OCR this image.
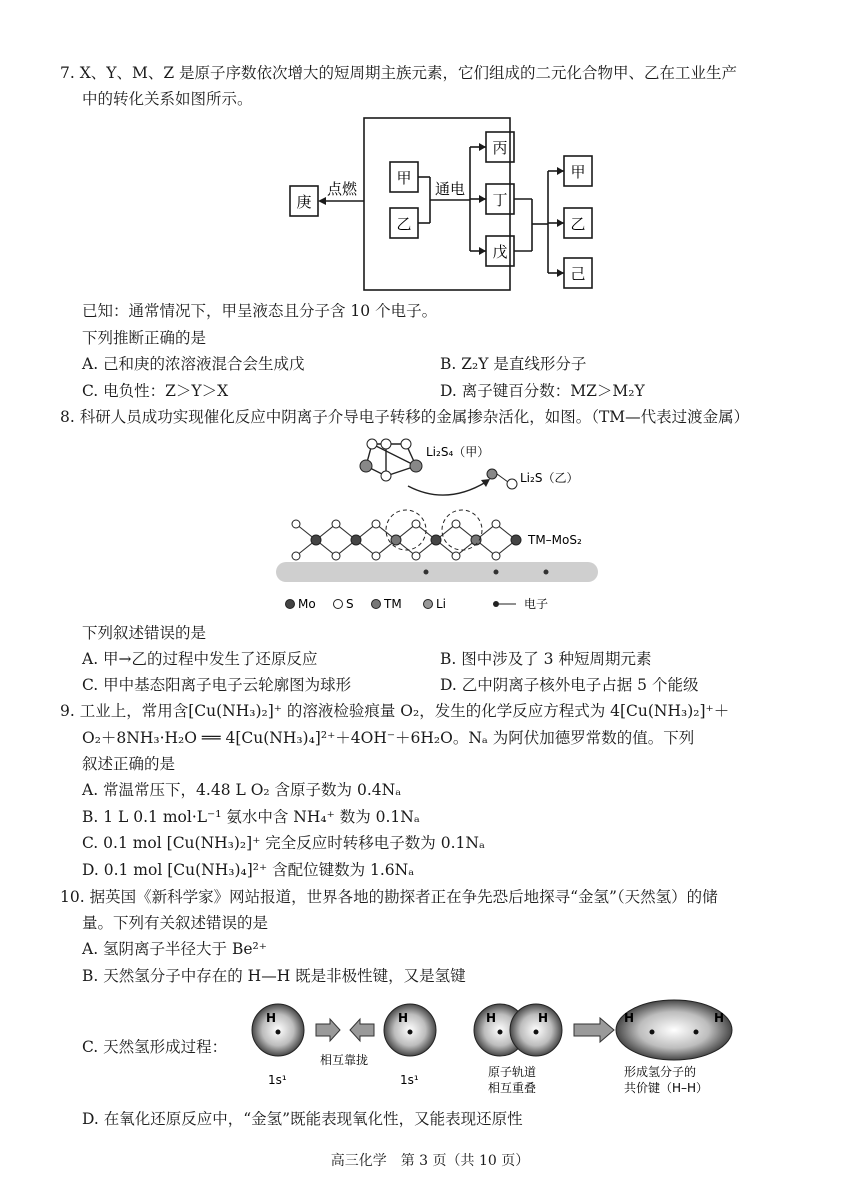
7. X、Y、M、Z 是原子序数依次增大的短周期主族元素，它们组成的二元化合物甲、乙在工业生产
中的转化关系如图所示。
庚
点燃
甲
乙
通电
丙
丁
戊
甲
乙
己
已知：通常情况下，甲呈液态且分子含 10 个电子。
下列推断正确的是
A. 己和庚的浓溶液混合会生成戊	B. Z₂Y 是直线形分子
C. 电负性：Z＞Y＞X	D. 离子键百分数：MZ＞M₂Y
8. 科研人员成功实现催化反应中阴离子介导电子转移的金属掺杂活化，如图。（TM—代表过渡金属）
Li₂S₄（甲）
Li₂S（乙）
TM–MoS₂
Mo	S	TM	Li	电子
下列叙述错误的是
A. 甲→乙的过程中发生了还原反应	B. 图中涉及了 3 种短周期元素
C. 甲中基态阳离子电子云轮廓图为球形	D. 乙中阴离子核外电子占据 5 个能级
9. 工业上，常用含[Cu(NH₃)₂]⁺ 的溶液检验痕量 O₂，发生的化学反应方程式为 4[Cu(NH₃)₂]⁺＋
O₂＋8NH₃·H₂O ══ 4[Cu(NH₃)₄]²⁺＋4OH⁻＋6H₂O。Nₐ 为阿伏加德罗常数的值。下列
叙述正确的是
A. 常温常压下，4.48 L O₂ 含原子数为 0.4Nₐ
B. 1 L 0.1 mol·L⁻¹ 氨水中含 NH₄⁺ 数为 0.1Nₐ
C. 0.1 mol [Cu(NH₃)₂]⁺ 完全反应时转移电子数为 0.1Nₐ
D. 0.1 mol [Cu(NH₃)₄]²⁺ 含配位键数为 1.6Nₐ
10. 据英国《新科学家》网站报道，世界各地的勘探者正在争先恐后地探寻“金氢”（天然氢）的储
量。下列有关叙述错误的是
A. 氢阴离子半径大于 Be²⁺
B. 天然氢分子中存在的 H—H 既是非极性键，又是氢键
C. 天然氢形成过程：
H
1s¹
相互靠拢
H
1s¹
H	H
原子轨道
相互重叠
H	H
形成氢分子的
共价键（H–H）
D. 在氧化还原反应中，“金氢”既能表现氧化性，又能表现还原性
高三化学　第 3 页（共 10 页）
